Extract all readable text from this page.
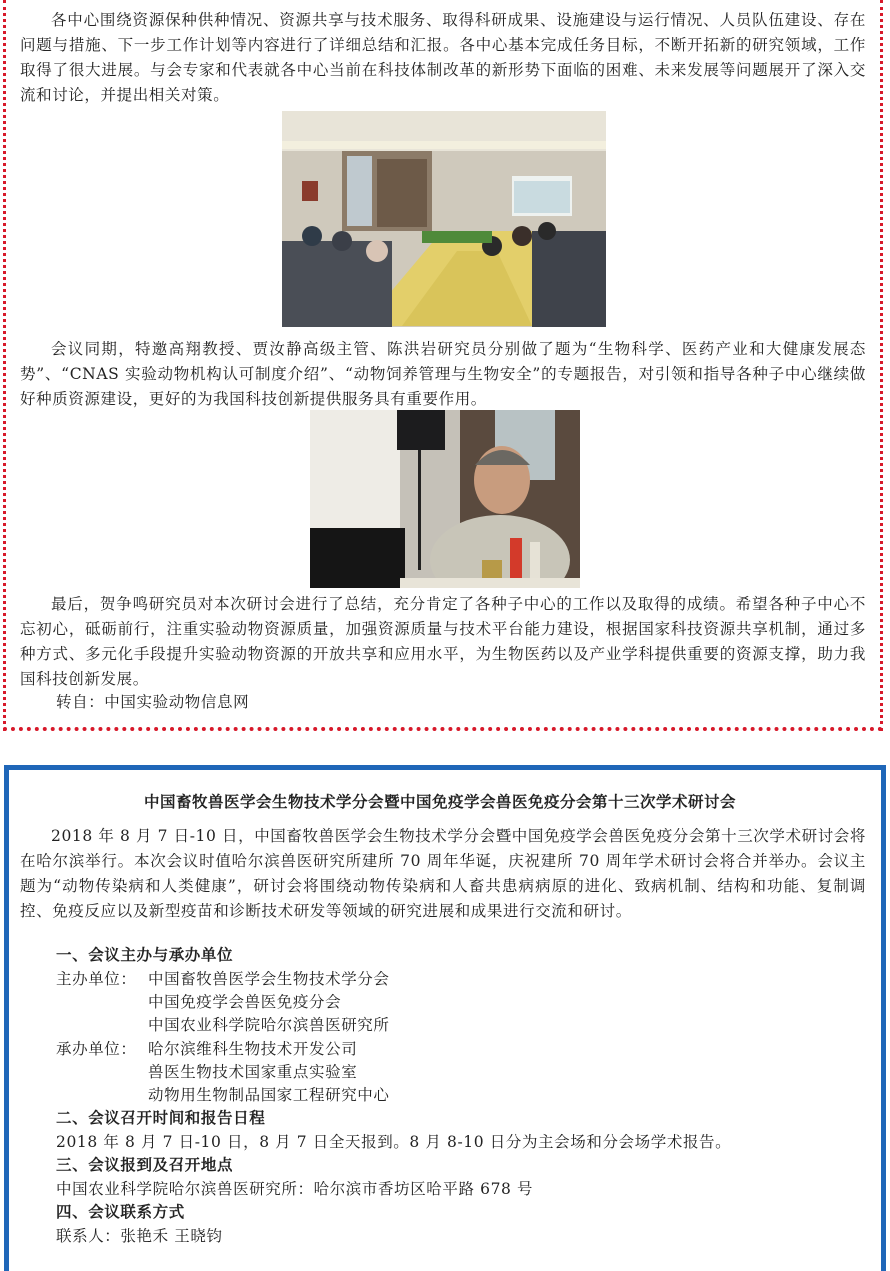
各中心围绕资源保种供种情况、资源共享与技术服务、取得科研成果、设施建设与运行情况、人员队伍建设、存在问题与措施、下一步工作计划等内容进行了详细总结和汇报。各中心基本完成任务目标，不断开拓新的研究领域，工作取得了很大进展。与会专家和代表就各中心当前在科技体制改革的新形势下面临的困难、未来发展等问题展开了深入交流和讨论，并提出相关对策。

会议同期，特邀高翔教授、贾汝静高级主管、陈洪岩研究员分别做了题为“生物科学、医药产业和大健康发展态势”、“CNAS 实验动物机构认可制度介绍”、“动物饲养管理与生物安全”的专题报告，对引领和指导各种子中心继续做好种质资源建设，更好的为我国科技创新提供服务具有重要作用。

最后，贺争鸣研究员对本次研讨会进行了总结，充分肯定了各种子中心的工作以及取得的成绩。希望各种子中心不忘初心，砥砺前行，注重实验动物资源质量，加强资源质量与技术平台能力建设，根据国家科技资源共享机制，通过多种方式、多元化手段提升实验动物资源的开放共享和应用水平，为生物医药以及产业学科提供重要的资源支撑，助力我国科技创新发展。

转自：中国实验动物信息网

中国畜牧兽医学会生物技术学分会暨中国免疫学会兽医免疫分会第十三次学术研讨会

2018 年 8 月 7 日-10 日，中国畜牧兽医学会生物技术学分会暨中国免疫学会兽医免疫分会第十三次学术研讨会将在哈尔滨举行。本次会议时值哈尔滨兽医研究所建所 70 周年华诞，庆祝建所 70 周年学术研讨会将合并举办。会议主题为“动物传染病和人类健康”，研讨会将围绕动物传染病和人畜共患病病原的进化、致病机制、结构和功能、复制调控、免疫反应以及新型疫苗和诊断技术研发等领域的研究进展和成果进行交流和研讨。

一、会议主办与承办单位

主办单位： 中国畜牧兽医学会生物技术学分会

中国免疫学会兽医免疫分会

中国农业科学院哈尔滨兽医研究所

承办单位： 哈尔滨维科生物技术开发公司

兽医生物技术国家重点实验室

动物用生物制品国家工程研究中心

二、会议召开时间和报告日程

2018 年 8 月 7 日-10 日，8 月 7 日全天报到。8 月 8-10 日分为主会场和分会场学术报告。

三、会议报到及召开地点

中国农业科学院哈尔滨兽医研究所：哈尔滨市香坊区哈平路 678 号

四、会议联系方式

联系人：张艳禾 王晓钧
